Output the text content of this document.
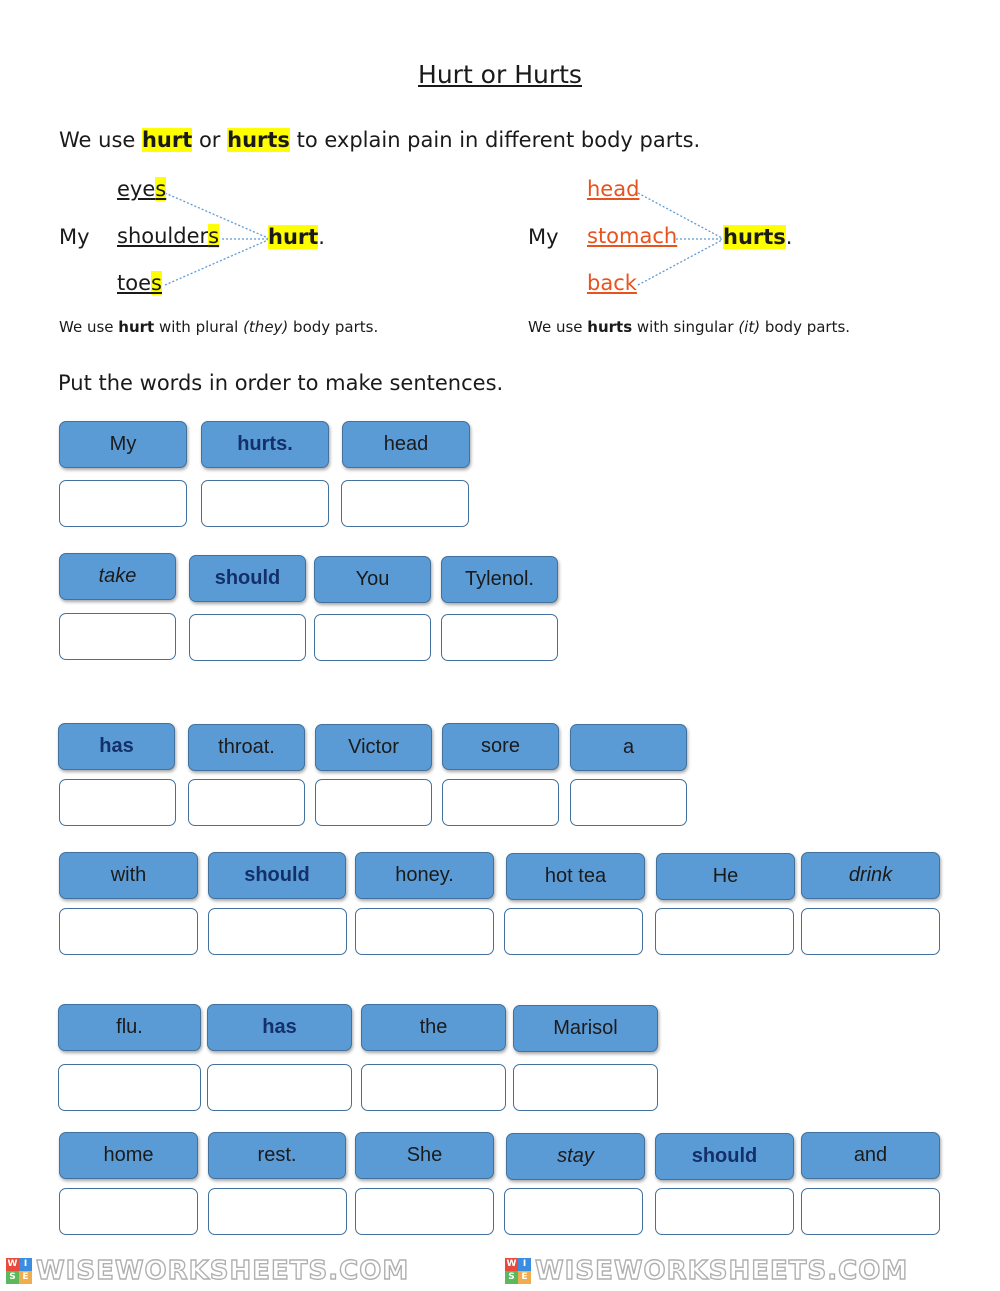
Hurt or Hurts
We use hurt or hurts to explain pain in different body parts.
My
eyes
shoulders
toes
hurt.
We use hurt with plural (they) body parts.
My
head
stomach
back
hurts.
We use hurts with singular (it) body parts.
Put the words in order to make sentences.
My	hurts.	head
take	should	You	Tylenol.
has	throat.	Victor	sore	a
with	should	honey.	hot tea	He	drink
flu.	has	the	Marisol
home	rest.	She	stay	should	and
W I
S E WISEWORKSHEETS.COM	W I
S E WISEWORKSHEETS.COM
